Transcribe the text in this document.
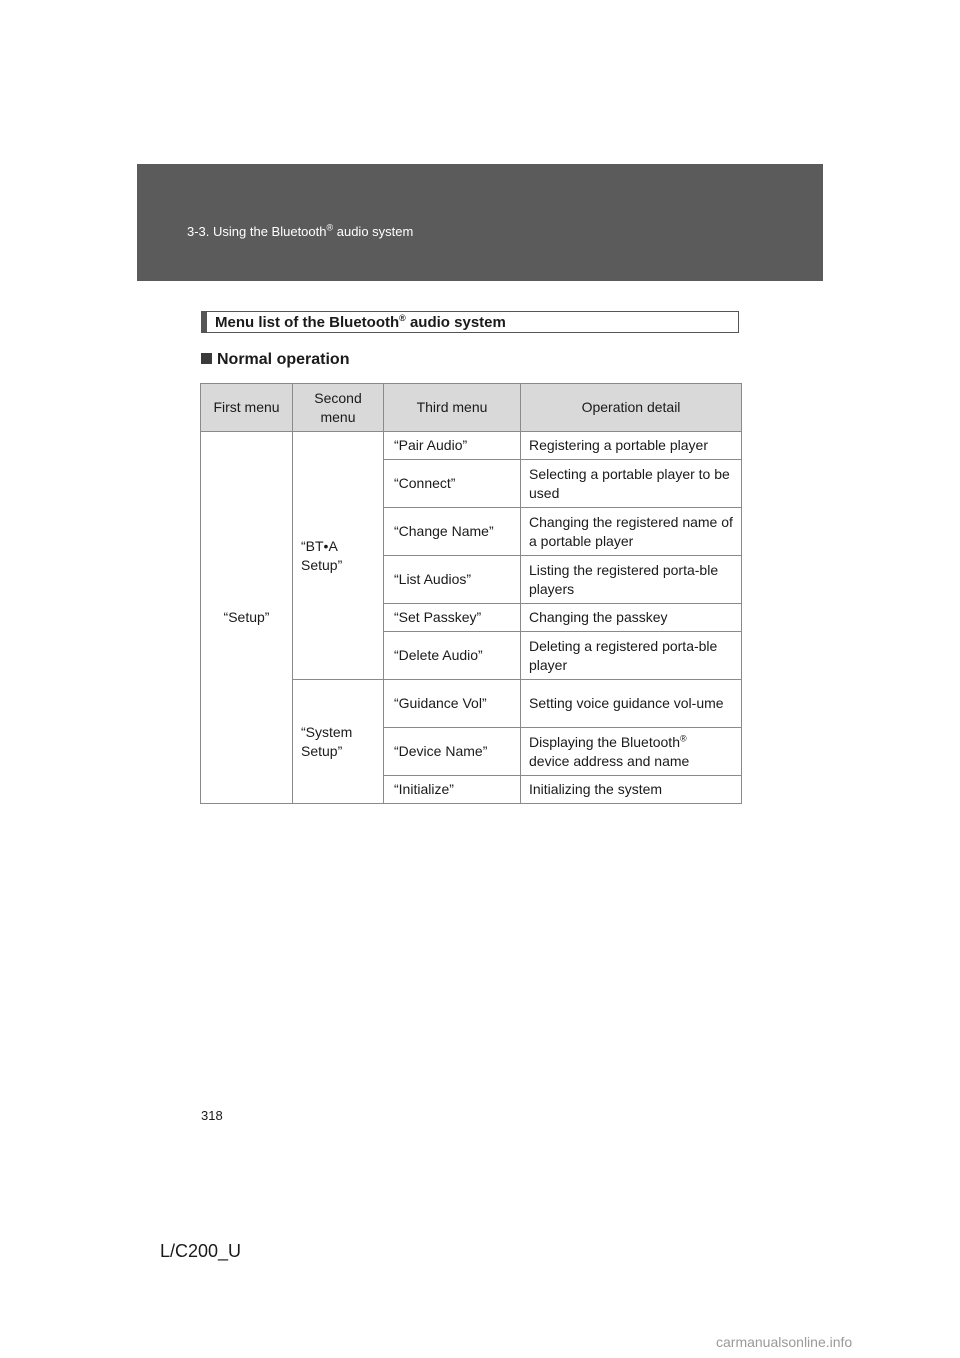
3-3. Using the Bluetooth® audio system
Menu list of the Bluetooth® audio system
Normal operation
First menu	Second menu	Third menu	Operation detail
“Setup”	“BT•A Setup”	“Pair Audio”	Registering a portable player
		“Connect”	Selecting a portable player to be used
		“Change Name”	Changing the registered name of a portable player
		“List Audios”	Listing the registered porta-ble players
		“Set Passkey”	Changing the passkey
		“Delete Audio”	Deleting a registered porta-ble player
	“System Setup”	“Guidance Vol”	Setting voice guidance vol-ume
		“Device Name”	Displaying the Bluetooth®
device address and name
		“Initialize”	Initializing the system
318
L/C200_U
carmanualsonline.info
